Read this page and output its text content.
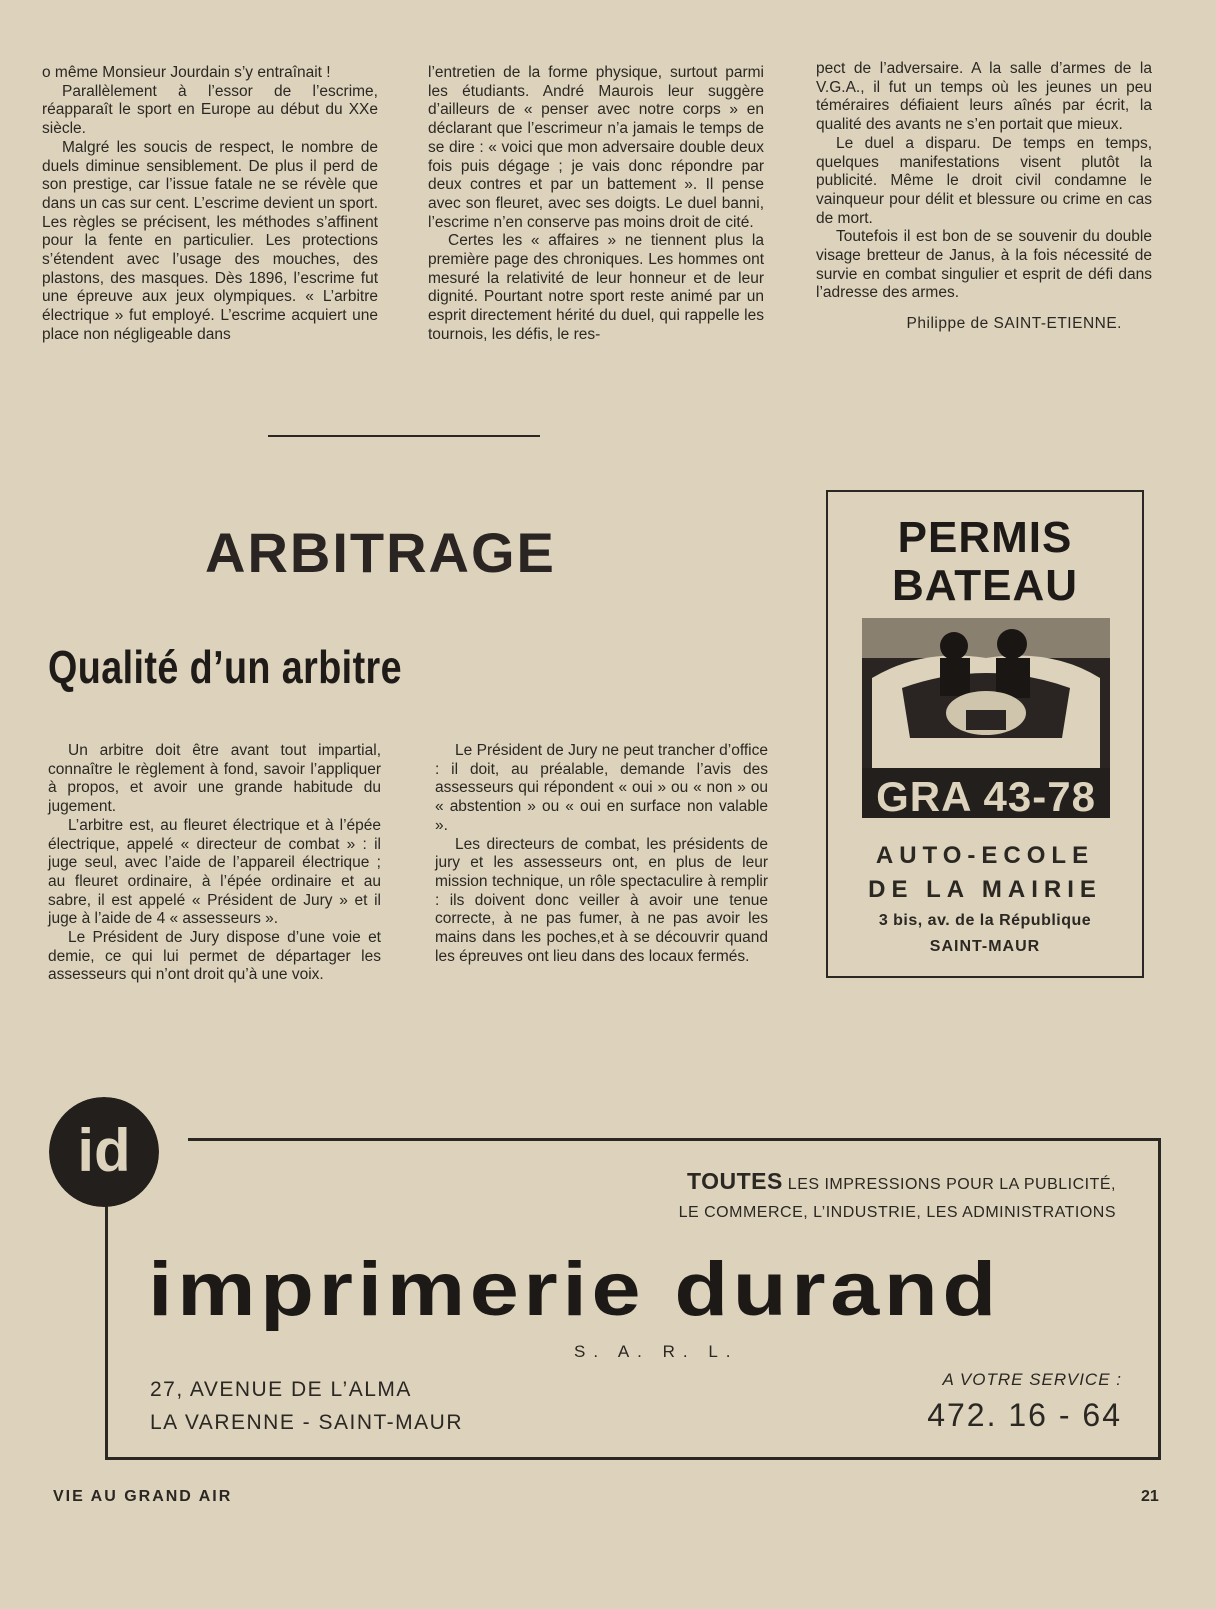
o même Monsieur Jourdain s’y entraînait !

Parallèlement à l’essor de l’escrime, réapparaît le sport en Europe au début du XXe siècle.

Malgré les soucis de respect, le nombre de duels diminue sensiblement. De plus il perd de son prestige, car l’issue fatale ne se révèle que dans un cas sur cent. L’escrime devient un sport. Les règles se précisent, les méthodes s’affinent pour la fente en particulier. Les protections s’étendent avec l’usage des mouches, des plastons, des masques. Dès 1896, l’escrime fut une épreuve aux jeux olympiques. « L’arbitre électrique » fut employé. L’escrime acquiert une place non négligeable dans

l’entretien de la forme physique, surtout parmi les étudiants. André Maurois leur suggère d’ailleurs de « penser avec notre corps » en déclarant que l’escrimeur n’a jamais le temps de se dire : « voici que mon adversaire double deux fois puis dégage ; je vais donc répondre par deux contres et par un battement ». Il pense avec son fleuret, avec ses doigts. Le duel banni, l’escrime n’en conserve pas moins droit de cité.

Certes les « affaires » ne tiennent plus la première page des chroniques. Les hommes ont mesuré la relativité de leur honneur et de leur dignité. Pourtant notre sport reste animé par un esprit directement hérité du duel, qui rappelle les tournois, les défis, le res-

pect de l’adversaire. A la salle d’armes de la V.G.A., il fut un temps où les jeunes un peu téméraires défiaient leurs aînés par écrit, la qualité des avants ne s’en portait que mieux.

Le duel a disparu. De temps en temps, quelques manifestations visent plutôt la publicité. Même le droit civil condamne le vainqueur pour délit et blessure ou crime en cas de mort.

Toutefois il est bon de se souvenir du double visage bretteur de Janus, à la fois nécessité de survie en combat singulier et esprit de défi dans l’adresse des armes.

Philippe de SAINT-ETIENNE.

ARBITRAGE
Qualité d’un arbitre

Un arbitre doit être avant tout impartial, connaître le règlement à fond, savoir l’appliquer à propos, et avoir une grande habitude du jugement.

L’arbitre est, au fleuret électrique et à l’épée électrique, appelé « directeur de combat » : il juge seul, avec l’aide de l’appareil électrique ; au fleuret ordinaire, à l’épée ordinaire et au sabre, il est appelé « Président de Jury » et il juge à l’aide de 4 « assesseurs ».

Le Président de Jury dispose d’une voie et demie, ce qui lui permet de départager les assesseurs qui n’ont droit qu’à une voix.

Le Président de Jury ne peut trancher d’office : il doit, au préalable, demande l’avis des assesseurs qui répondent « oui » ou « non » ou « abstention » ou « oui en surface non valable ».

Les directeurs de combat, les présidents de jury et les assesseurs ont, en plus de leur mission technique, un rôle spectaculire à remplir : ils doivent donc veiller à avoir une tenue correcte, à ne pas fumer, à ne pas avoir les mains dans les poches,et à se découvrir quand les épreuves ont lieu dans des locaux fermés.

PERMIS
BATEAU
GRA 43-78
AUTO-ECOLE
DE LA MAIRIE
3 bis, av. de la République
SAINT-MAUR
id	TOUTES LES IMPRESSIONS POUR LA PUBLICITÉ,
LE COMMERCE, L’INDUSTRIE, LES ADMINISTRATIONS
imprimerie durand
S. A. R. L.
27, AVENUE DE L’ALMA
LA VARENNE - SAINT-MAUR
A VOTRE SERVICE :
472. 16 - 64
VIE AU GRAND AIR	21
